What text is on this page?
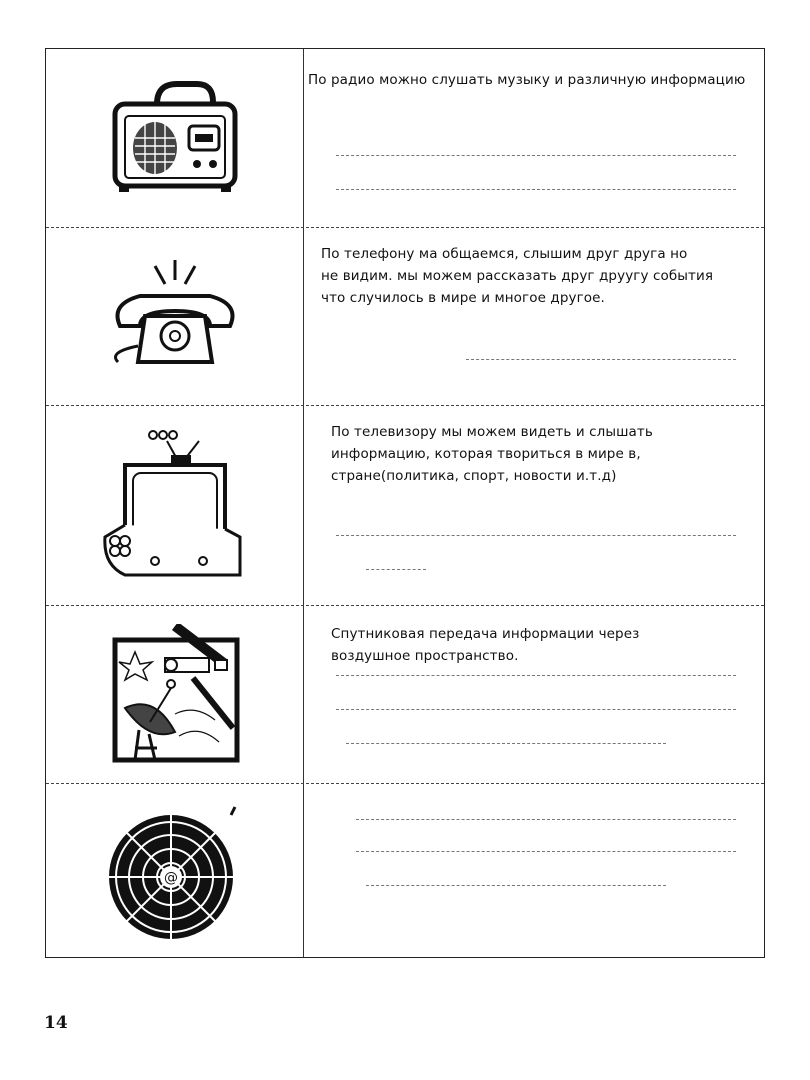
По радио можно слушать музыку и различную информацию
По телефону ма общаемся, слышим друг друга но
не видим. мы можем рассказать друг друугу события
что случилось в мире и многое другое.
По телевизору мы можем видеть и слышать
информацию, которая твориться в мире в,
стране(политика, спорт, новости и.т.д)
Спутниковая передача информации через
воздушное пространство.
@
14
